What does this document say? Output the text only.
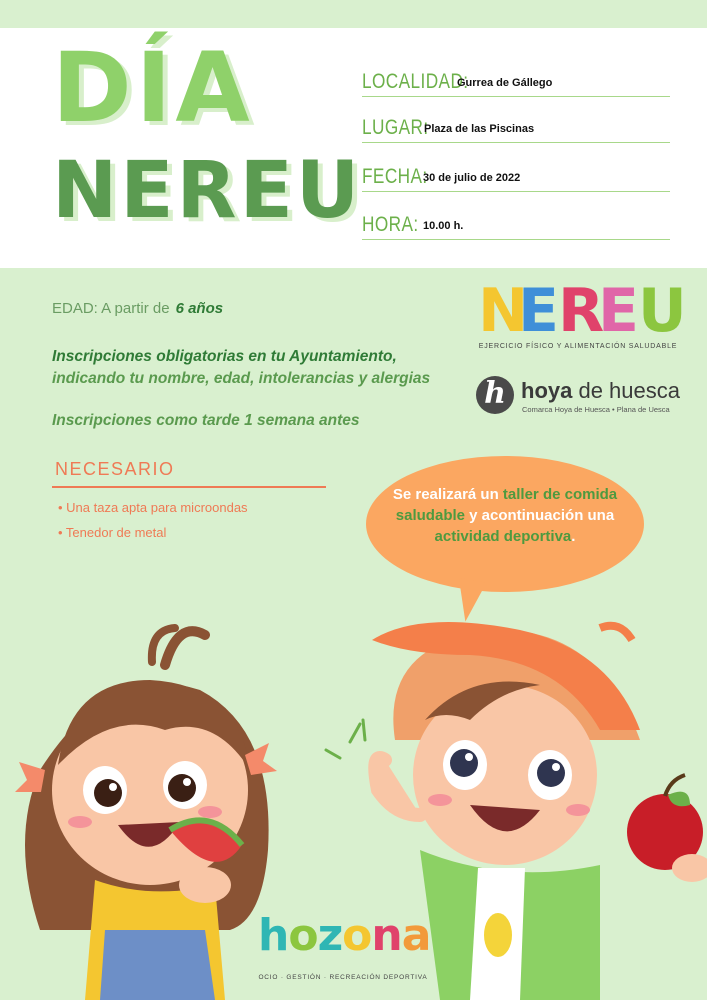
DÍA
NEREU
LOCALIDAD:
Gurrea de Gállego
LUGAR:
Plaza de las Piscinas
FECHA:
30 de julio de 2022
HORA: 10.00 h.
EDAD: A partir de 6 años
Inscripciones obligatorias en tu Ayuntamiento,
indicando tu nombre, edad, intolerancias y alergias
Inscripciones como tarde 1 semana antes
NECESARIO
• Una taza apta para microondas
• Tenedor de metal
N
E R
E U
EJERCICIO FÍSICO Y ALIMENTACIÓN SALUDABLE
h hoya de huesca
Comarca Hoya de Huesca • Plana de Uesca
Se realizará un taller de comida saludable y acontinuación una actividad deportiva.
hozona
OCIO · GESTIÓN · RECREACIÓN DEPORTIVA
